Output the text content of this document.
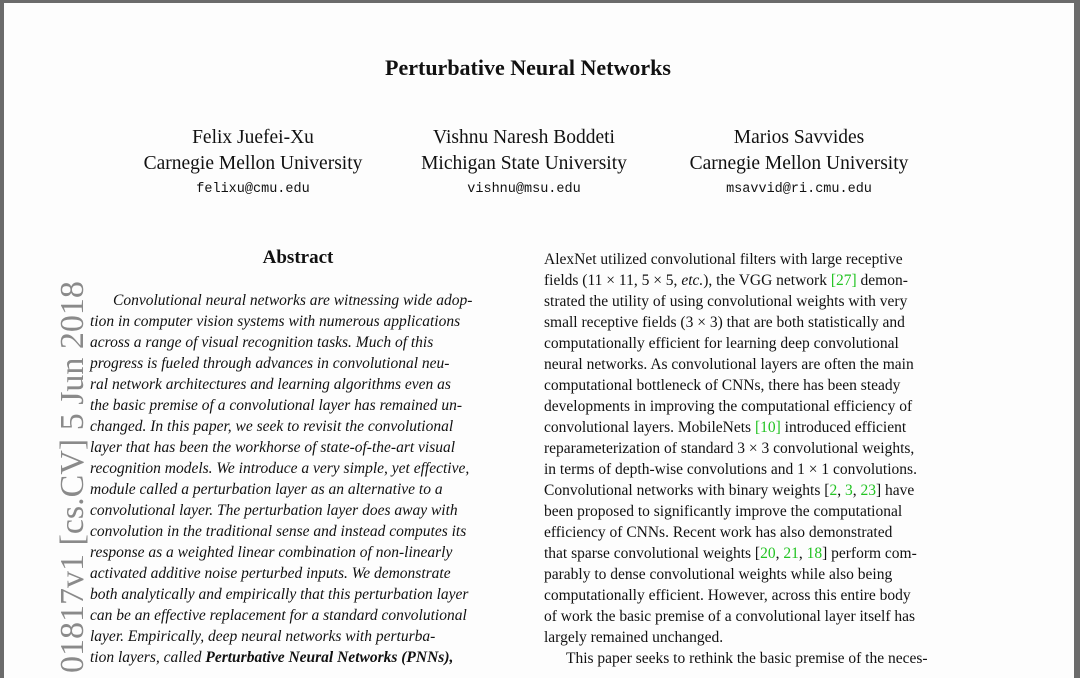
Perturbative Neural Networks
Felix Juefei-Xu
Carnegie Mellon University
felixu@cmu.edu
Vishnu Naresh Boddeti
Michigan State University
vishnu@msu.edu
Marios Savvides
Carnegie Mellon University
msavvid@ri.cmu.edu
01817v1 [cs.CV] 5 Jun 2018
Abstract
Convolutional neural networks are witnessing wide adop-
tion in computer vision systems with numerous applications
across a range of visual recognition tasks. Much of this
progress is fueled through advances in convolutional neu-
ral network architectures and learning algorithms even as
the basic premise of a convolutional layer has remained un-
changed. In this paper, we seek to revisit the convolutional
layer that has been the workhorse of state-of-the-art visual
recognition models. We introduce a very simple, yet effective,
module called a perturbation layer as an alternative to a
convolutional layer. The perturbation layer does away with
convolution in the traditional sense and instead computes its
response as a weighted linear combination of non-linearly
activated additive noise perturbed inputs. We demonstrate
both analytically and empirically that this perturbation layer
can be an effective replacement for a standard convolutional
layer. Empirically, deep neural networks with perturba-
tion layers, called Perturbative Neural Networks (PNNs),
AlexNet utilized convolutional filters with large receptive
fields (11 × 11, 5 × 5, etc.), the VGG network [27] demon-
strated the utility of using convolutional weights with very
small receptive fields (3 × 3) that are both statistically and
computationally efficient for learning deep convolutional
neural networks. As convolutional layers are often the main
computational bottleneck of CNNs, there has been steady
developments in improving the computational efficiency of
convolutional layers. MobileNets [10] introduced efficient
reparameterization of standard 3 × 3 convolutional weights,
in terms of depth-wise convolutions and 1 × 1 convolutions.
Convolutional networks with binary weights [2, 3, 23] have
been proposed to significantly improve the computational
efficiency of CNNs. Recent work has also demonstrated
that sparse convolutional weights [20, 21, 18] perform com-
parably to dense convolutional weights while also being
computationally efficient. However, across this entire body
of work the basic premise of a convolutional layer itself has
largely remained unchanged.
This paper seeks to rethink the basic premise of the neces-
